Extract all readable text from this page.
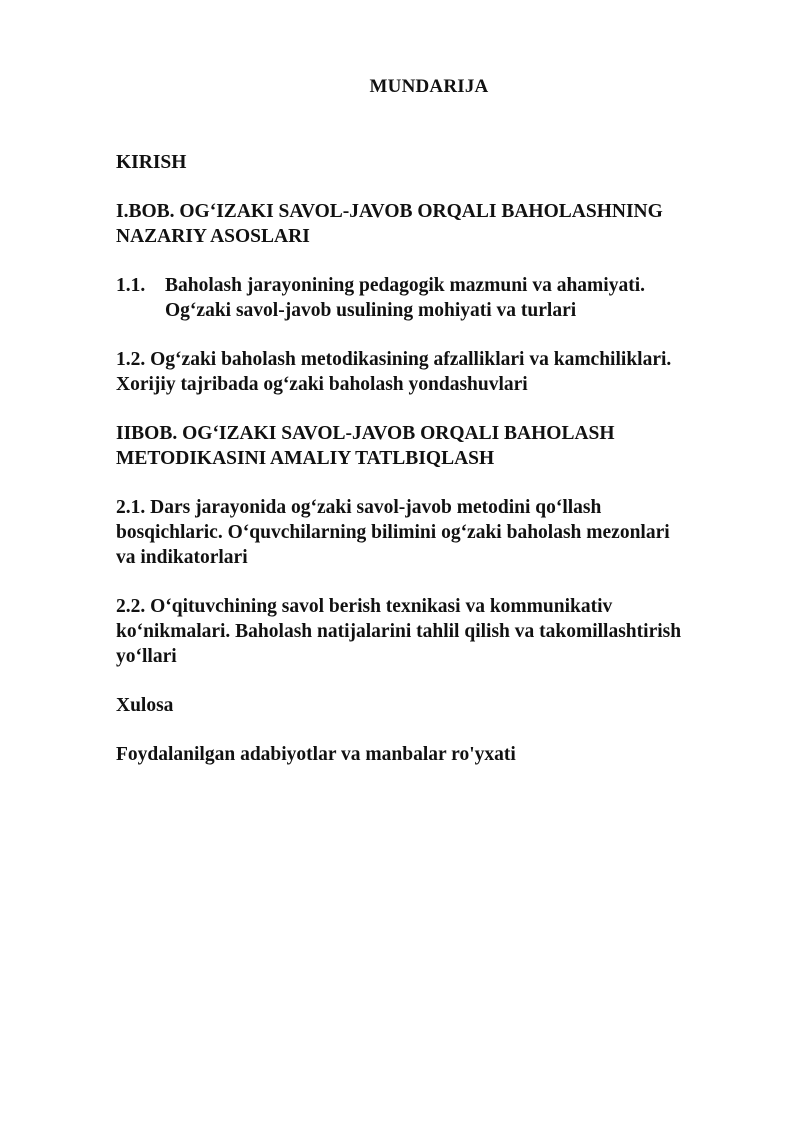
MUNDARIJA
KIRISH
I.BOB. OG‘IZAKI SAVOL-JAVOB ORQALI BAHOLASHNING
NAZARIY ASOSLARI
1.1.	Baholash jarayonining pedagogik mazmuni va ahamiyati.
Og‘zaki savol-javob usulining mohiyati va turlari
1.2. Og‘zaki baholash metodikasining afzalliklari va kamchiliklari.
Xorijiy tajribada og‘zaki baholash yondashuvlari
IIBOB. OG‘IZAKI SAVOL-JAVOB ORQALI BAHOLASH
METODIKASINI AMALIY TATLBIQLASH
2.1. Dars jarayonida og‘zaki savol-javob metodini qo‘llash
bosqichlaric. O‘quvchilarning bilimini og‘zaki baholash mezonlari
va indikatorlari
2.2. O‘qituvchining savol berish texnikasi va kommunikativ
ko‘nikmalari. Baholash natijalarini tahlil qilish va takomillashtirish
yo‘llari
Xulosa
Foydalanilgan adabiyotlar va manbalar ro'yxati
